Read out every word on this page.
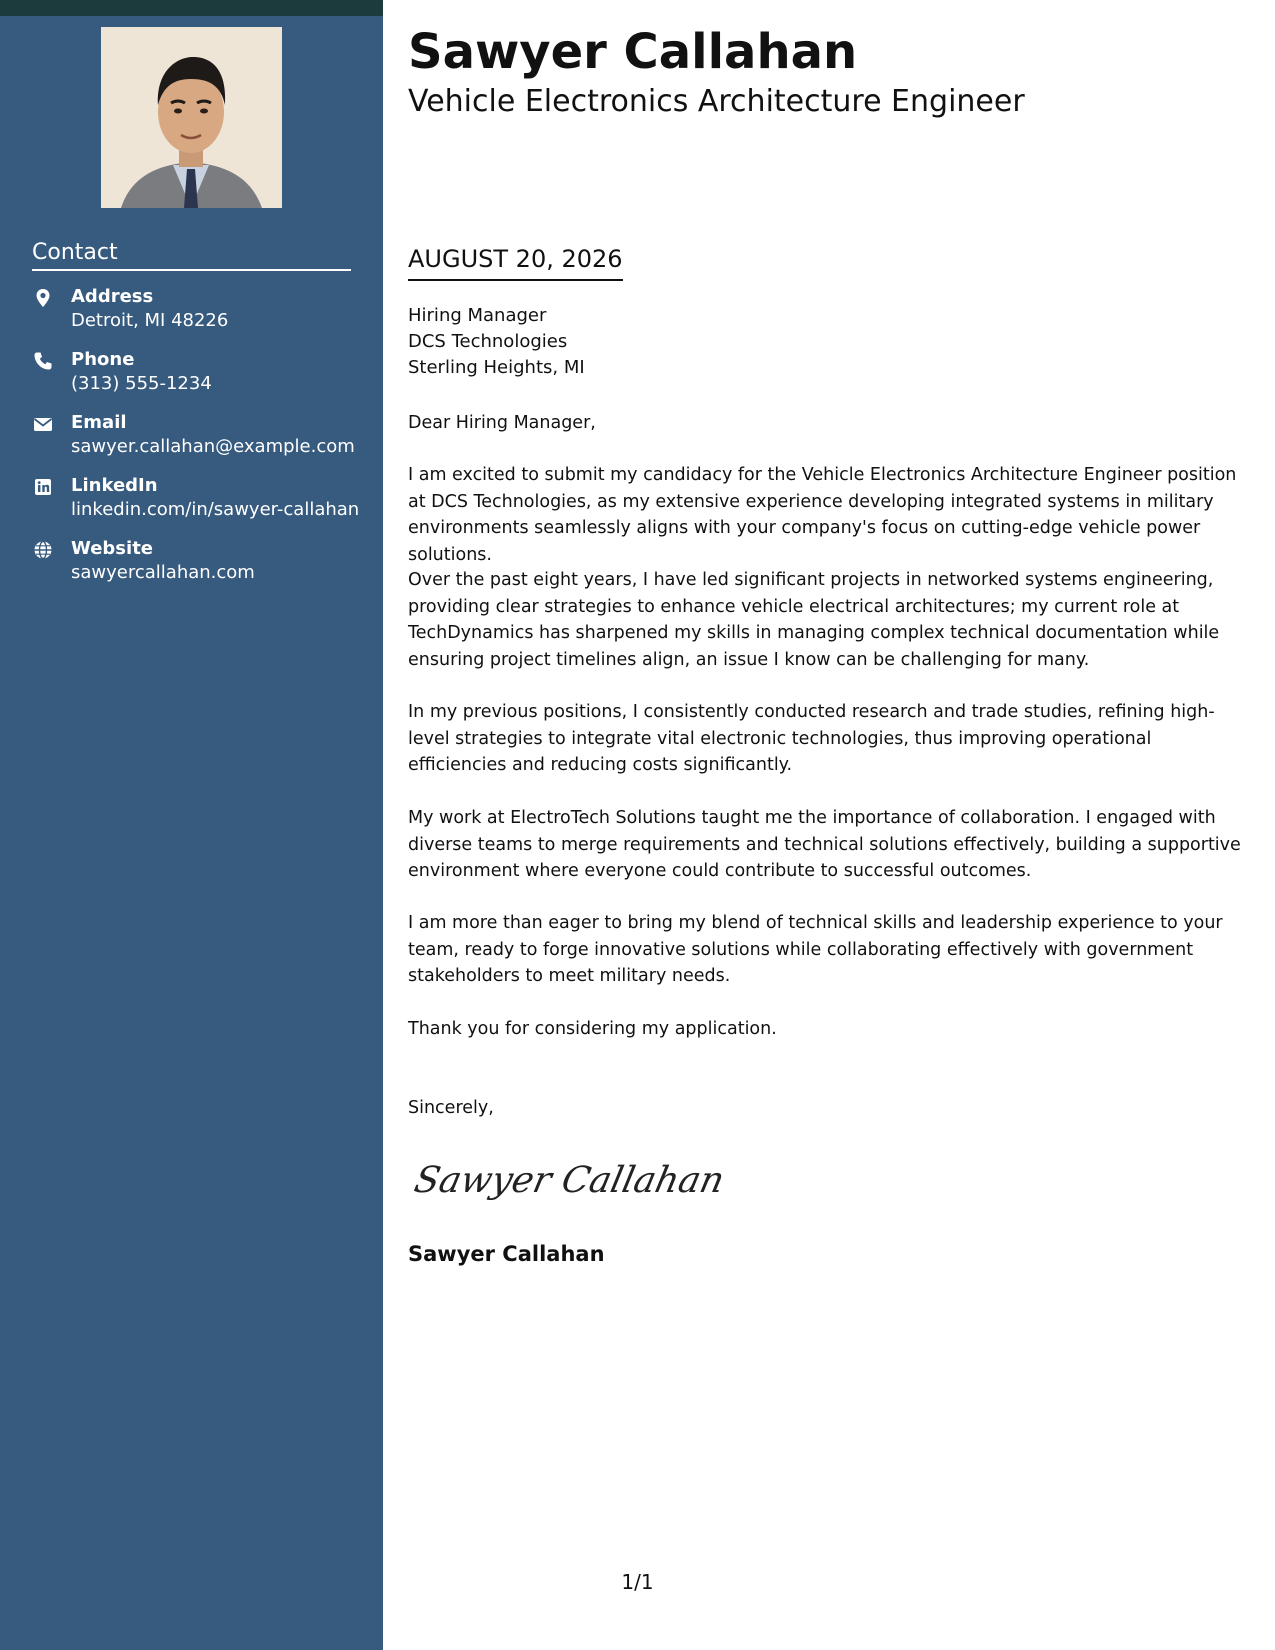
Contact
Address
Detroit, MI 48226
Phone
(313) 555-1234
Email
sawyer.callahan@example.com
LinkedIn
linkedin.com/in/sawyer-callahan
Website
sawyercallahan.com
Sawyer Callahan
Vehicle Electronics Architecture Engineer
AUGUST 20, 2026
Hiring Manager
DCS Technologies
Sterling Heights, MI

Dear Hiring Manager,

I am excited to submit my candidacy for the Vehicle Electronics Architecture Engineer position at DCS Technologies, as my extensive experience developing integrated systems in military environments seamlessly aligns with your company's focus on cutting-edge vehicle power solutions.

Over the past eight years, I have led significant projects in networked systems engineering, providing clear strategies to enhance vehicle electrical architectures; my current role at TechDynamics has sharpened my skills in managing complex technical documentation while ensuring project timelines align, an issue I know can be challenging for many.

In my previous positions, I consistently conducted research and trade studies, refining high-level strategies to integrate vital electronic technologies, thus improving operational efficiencies and reducing costs significantly.

My work at ElectroTech Solutions taught me the importance of collaboration. I engaged with diverse teams to merge requirements and technical solutions effectively, building a supportive environment where everyone could contribute to successful outcomes.

I am more than eager to bring my blend of technical skills and leadership experience to your team, ready to forge innovative solutions while collaborating effectively with government stakeholders to meet military needs.

Thank you for considering my application.

Sincerely,

Sawyer Callahan
Sawyer Callahan
1/1
